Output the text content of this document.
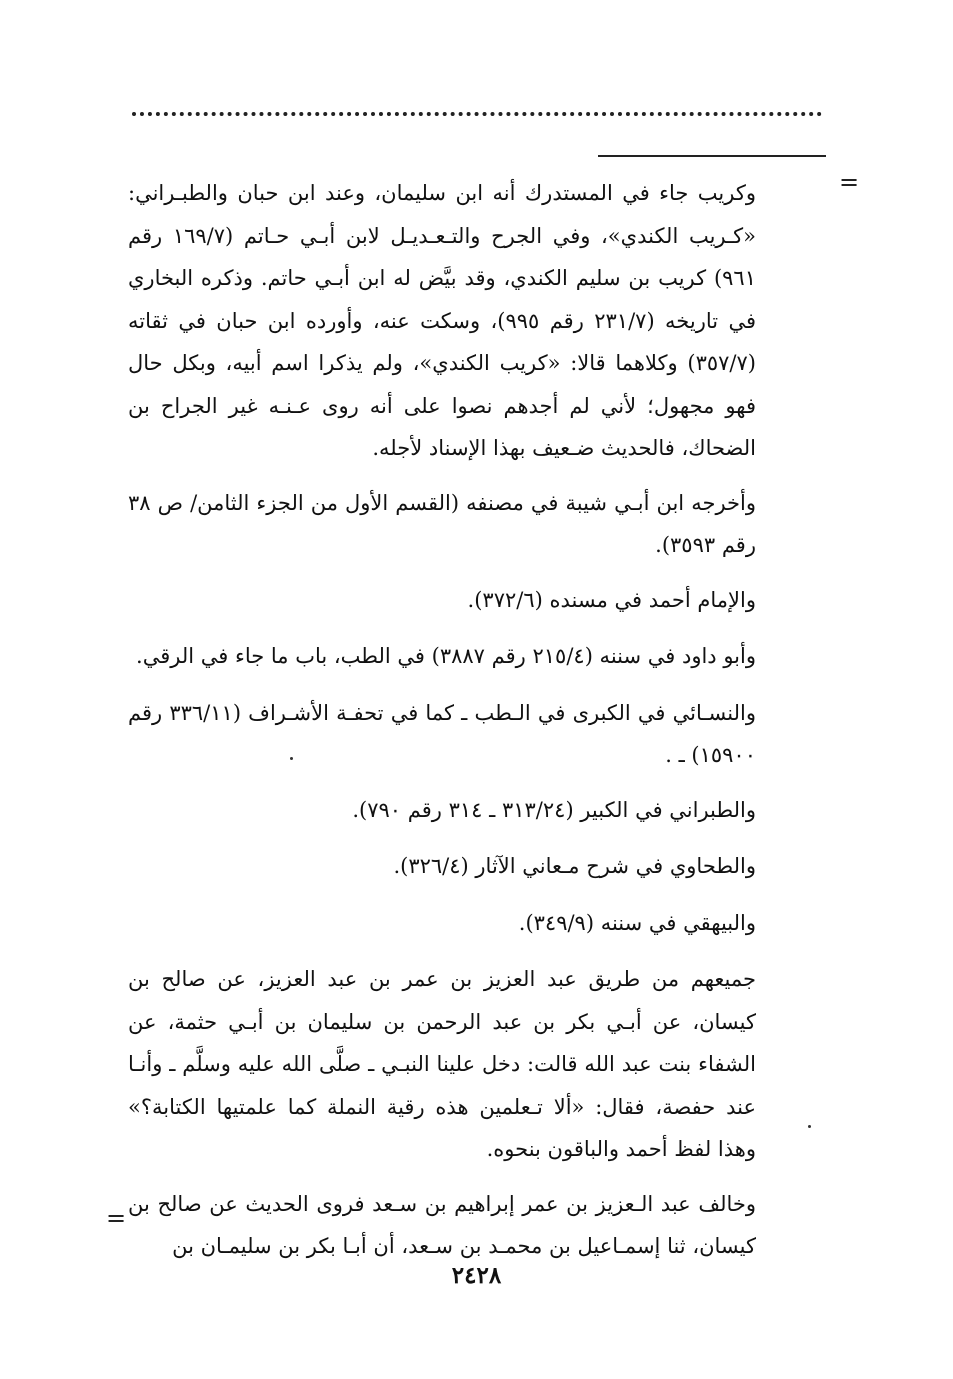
=
=

وكريب جاء في المستدرك أنه ابن سليمان، وعند ابن حبان والطبـراني: «كـريب الكندي»، وفي الجرح والتـعـديـل لابن أبـي حـاتم (١٦٩/٧ رقم ٩٦١) كريب بن سليم الكندي، وقد بيَّض له ابن أبـي حاتم. وذكره البخاري في تاريخه (٢٣١/٧ رقم ٩٩٥)، وسكت عنه، وأورده ابن حبان في ثقاته (٣٥٧/٧) وكلاهما قالا: «كريب الكندي»، ولم يذكرا اسم أبيه، وبكل حال فهو مجهول؛ لأني لم أجدهم نصوا على أنه روى عـنـه غير الجراح بن الضحاك، فالحديث ضـعيف بهذا الإسناد لأجله.

وأخرجه ابن أبـي شيبة في مصنفه (القسم الأول من الجزء الثامن/ ص ٣٨ رقم ٣٥٩٣).

والإمام أحمد في مسنده (٣٧٢/٦).

وأبو داود في سننه (٢١٥/٤ رقم ٣٨٨٧) في الطب، باب ما جاء في الرقي.

والنسـائي في الكبرى في الـطب ـ كما في تحفـة الأشـراف (٣٣٦/١١ رقم ١٥٩٠٠) ـ .

والطبراني في الكبير (٣١٣/٢٤ ـ ٣١٤ رقم ٧٩٠).

والطحاوي في شرح مـعاني الآثار (٣٢٦/٤).

والبيهقي في سننه (٣٤٩/٩).

جميعهم من طريق عبد العزيز بن عمر بن عبد العزيز، عن صالح بن كيسان، عن أبـي بكر بن عبد الرحمن بن سليمان بن أبـي حثمة، عن الشفاء بنت عبد الله قالت: دخل علينا النبـي ـ صلَّى الله عليه وسلَّم ـ وأنـا عند حفصة، فقال: «ألا تـعلمين هذه رقية النملة كما علمتيها الكتابة؟» وهذا لفظ أحمد والباقون بنحوه.

وخالف عبد الـعزيز بن عمر إبراهيم بن سـعد فروى الحديث عن صالح بن كيسان، ثنا إسمـاعيل بن محمـد بن سـعد، أن أبـا بكر بن سليمـان بن

٢٤٢٨
